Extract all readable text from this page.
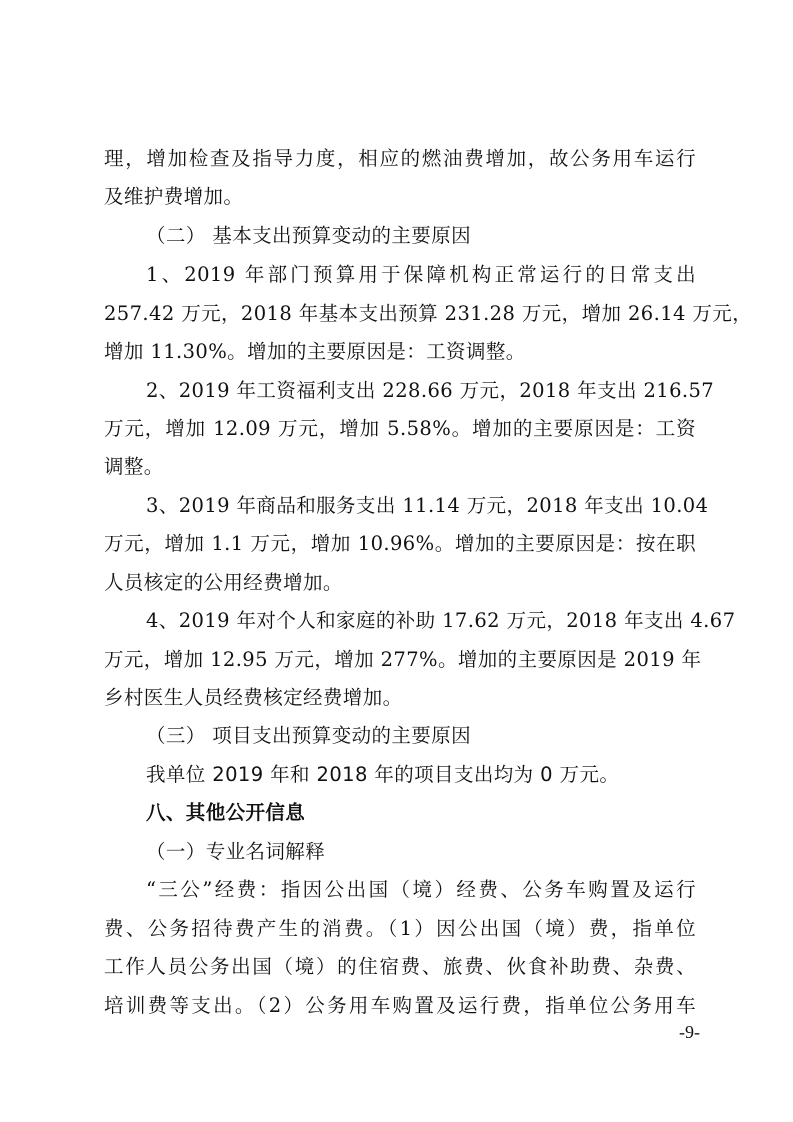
理，增加检查及指导力度，相应的燃油费增加，故公务用车运行
及维护费增加。
（二） 基本支出预算变动的主要原因
1、2019 年部门预算用于保障机构正常运行的日常支出
257.42 万元，2018 年基本支出预算 231.28 万元，增加 26.14 万元，
增加 11.30%。增加的主要原因是：工资调整。
2、2019 年工资福利支出 228.66 万元，2018 年支出 216.57
万元，增加 12.09 万元，增加 5.58%。增加的主要原因是：工资
调整。
3、2019 年商品和服务支出 11.14 万元，2018 年支出 10.04
万元，增加 1.1 万元，增加 10.96%。增加的主要原因是：按在职
人员核定的公用经费增加。
4、2019 年对个人和家庭的补助 17.62 万元，2018 年支出 4.67
万元，增加 12.95 万元，增加 277%。增加的主要原因是 2019 年
乡村医生人员经费核定经费增加。
（三） 项目支出预算变动的主要原因
我单位 2019 年和 2018 年的项目支出均为 0 万元。
八、其他公开信息
（一）专业名词解释
“三公”经费：指因公出国（境）经费、公务车购置及运行
费、公务招待费产生的消费。（1）因公出国（境）费，指单位
工作人员公务出国（境）的住宿费、旅费、伙食补助费、杂费、
培训费等支出。（2）公务用车购置及运行费，指单位公务用车
-9-
